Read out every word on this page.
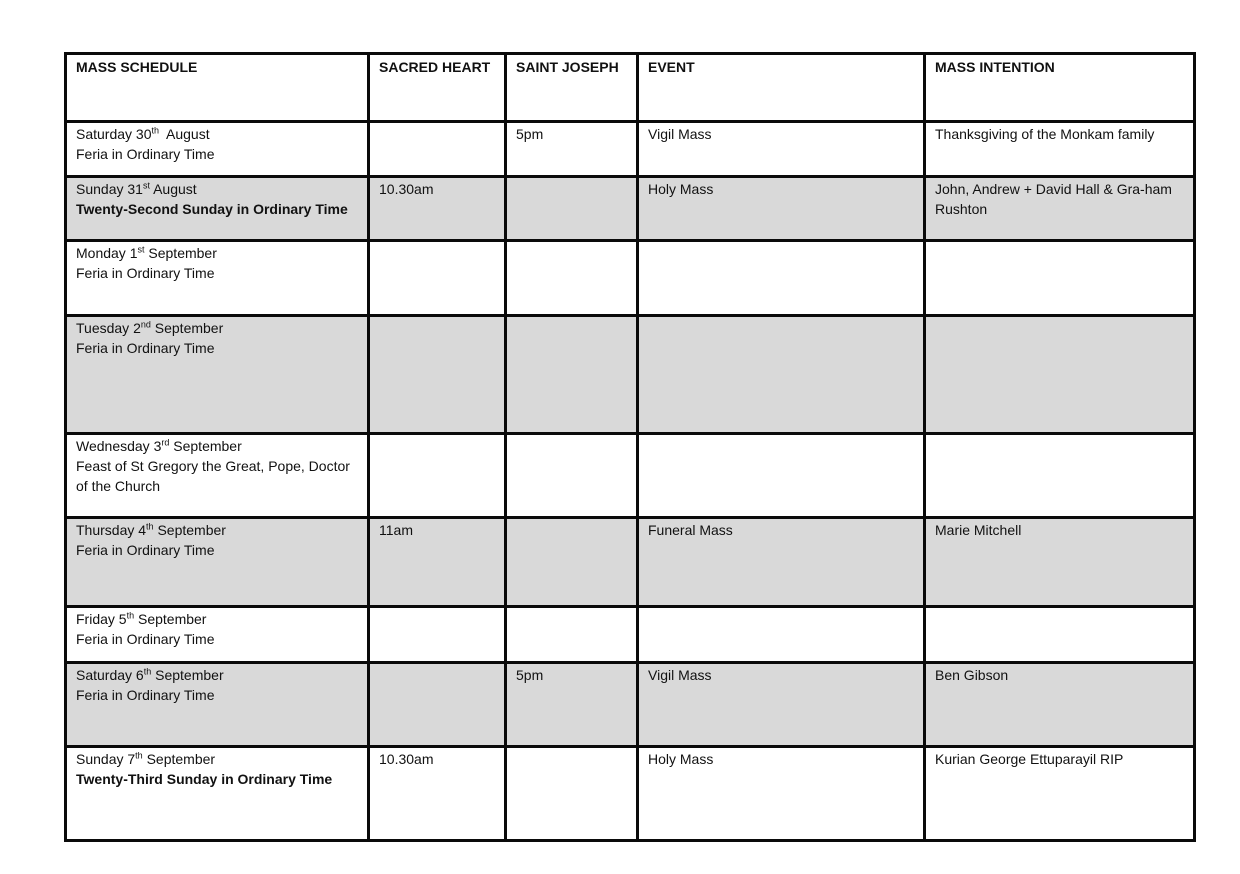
MASS SCHEDULE	SACRED HEART	SAINT JOSEPH	EVENT	MASS INTENTION

Saturday 30th  August
Feria in Ordinary Time		5pm	Vigil Mass	Thanksgiving of the Monkam family

Sunday 31st August
Twenty-Second Sunday in Ordinary Time	10.30am		Holy Mass	John, Andrew + David Hall & Gra-ham Rushton

Monday 1st September
Feria in Ordinary Time				

Tuesday 2nd September
Feria in Ordinary Time				

Wednesday 3rd September
Feast of St Gregory the Great, Pope, Doctor of the Church				

Thursday 4th September
Feria in Ordinary Time	11am		Funeral Mass	Marie Mitchell

Friday 5th September
Feria in Ordinary Time				

Saturday 6th September
Feria in Ordinary Time		5pm	Vigil Mass	Ben Gibson

Sunday 7th September
Twenty-Third Sunday in Ordinary Time	10.30am		Holy Mass	Kurian George Ettuparayil RIP
